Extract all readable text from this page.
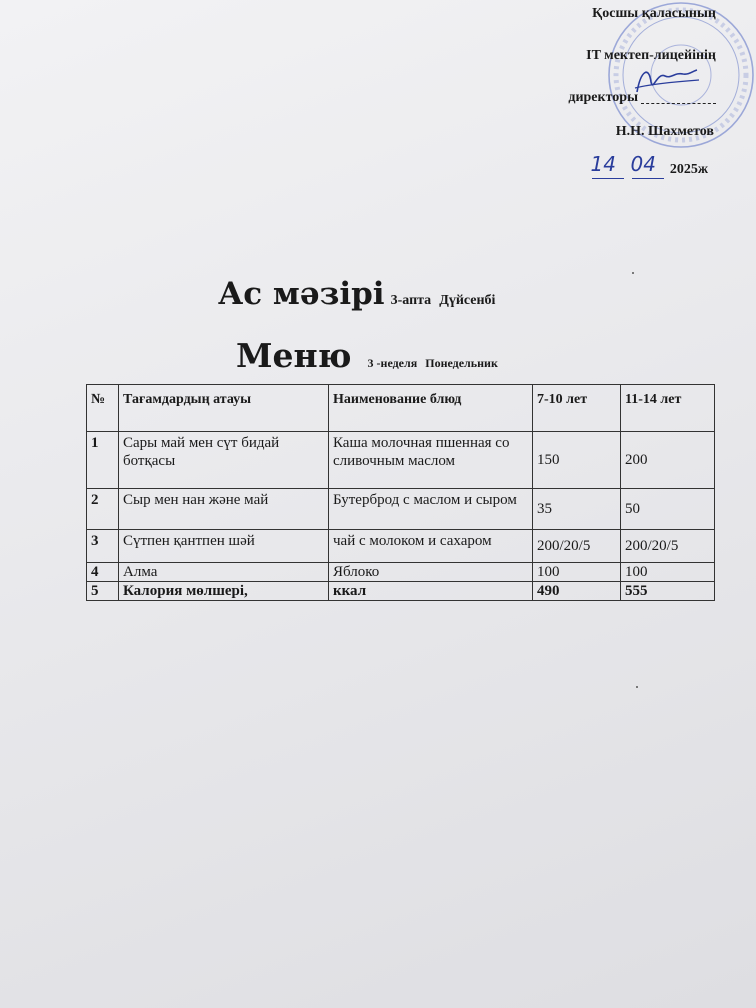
Қосшы қаласының
IT мектеп-лицейінің
директоры
Н.Н. Шахметов
14 04 2025ж
Ас мәзірі 3-апта Дүйсенбі
Меню 3 -неделя Понедельник
№	Тағамдардың атауы	Наименование блюд	7-10 лет	11-14 лет
1	Сары май мен сүт бидай ботқасы	Каша молочная пшенная со сливочным маслом	150	200
2	Сыр мен нан және май	Бутерброд с маслом и сыром	35	50
3	Сүтпен қантпен шәй	чай с молоком и сахаром	200/20/5	200/20/5
4	Алма	Яблоко	100	100
5	Калория мөлшері,	ккал	490	555
